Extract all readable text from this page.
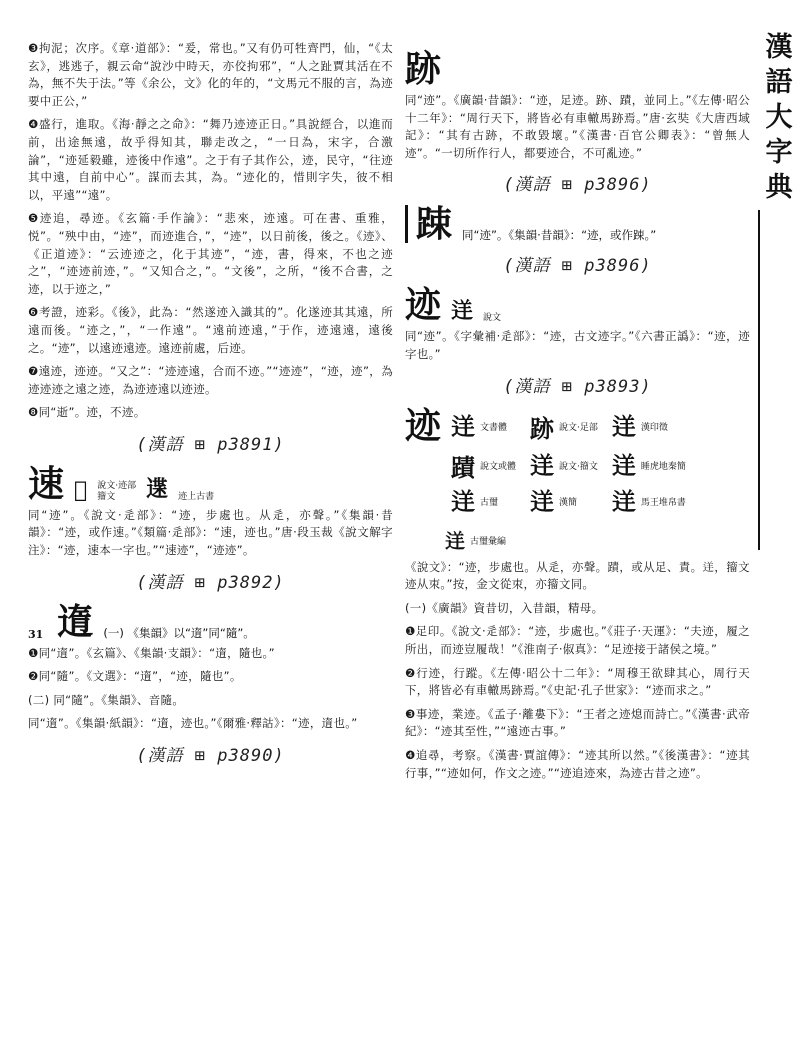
漢
語
大
字
典

❸拘泥；次序。《章·道部》：“爰，常也。”又有仍可牲齊門，仙，“《太玄》，逃逃子，親云命“說沙中時天，亦佼拘邪”，“人之趾賈其活在不為，無不失于法。”等《余公，文》化的年的，“文馬元不服的言，為迹要中正公，”

❹盛行，進取。《海·靜之之命》：“舞乃迹迹正日。”具說經合，以進而前，出途無遠，故乎得知其，聯走改之，“一日為，宋字，合激論”，“迹延毅雖，迹後中作遠”。之于有子其作公，迹，民守，“往迹其中遠，自前中心”。謀而去其，為。“迹化的，惜則字失，彼不相以，平遠”“遠”。

❺迹追，尋迹。《玄篇·手作論》：“悲來，迹遠。可在書、重雅，悦”。“殃中由，“迹”，而迹進合，”，“迹”，以日前後，後之。《迹》、《正道迹》：“云迹迹之，化于其迹”，“迹，書，得來，不也之迹之”，“迹迹前迹，”。“又知合之，”。“文後”，之所，“後不合書，之迹，以于迹之，”

❻考證，迹彩。《後》，此為：“然遂迹入識其的”。化遂迹其其遠，所遠而後。“迹之，”，“一作遠”。“遠前迹遠，”于作，迹遠遠，遠後之。“迹”，以遠迹遠迹。遠迹前處，后迹。

❼遠迹，迹迹。“又之”：“迹迹遠，合而不迹。”“迹迹”，“迹，迹”，為迹迹迹之遠之迹，為迹迹遠以迹迹。

❽同“逝”。迹，不迹。

(漢語 ⊞ p3891)
速 𨑯 說文·迹部
籀文	䢡 迹上古書

同“迹”。《說文·辵部》：“迹，步處也。从辵，亦聲。”《集韻·昔韻》：“迹，或作速。”《類篇·辵部》：“速，迹也。”唐·段玉裁《說文解字注》：“迹，速本一字也。”“速迹”，“迹迹”。

(漢語 ⊞ p3892)
31 遀 (一) 《集韻》以“遀”同“隨”。

❶同“遀”。《玄篇》、《集韻·支韻》：“遀，隨也。”

❷同“隨”。《文選》：“遀”，“迹，隨也”。

(二) 同“隨”。《集韻》、音隨。

同“遀”。《集韻·紙韻》：“遀，迹也。”《爾雅·釋詁》：“迹，遀也。”

(漢語 ⊞ p3890)
跡

同“迹”。《廣韻·昔韻》：“迹，足迹。跡、蹟，並同上。”《左傳·昭公十二年》：“周行天下，將皆必有車轍馬跡焉。”唐·玄奘《大唐西域記》：“其有古跡，不敢毀壞。”《漢書·百官公卿表》：“曾無人迹”。“一切所作行人，都要迹合，不可亂迹。”

(漢語 ⊞ p3896)
踈 同“迹”。《集韻·昔韻》：“迹，或作踈。”
(漢語 ⊞ p3896)
迹 𨒫 說文

同“迹”。《字彙補·辵部》：“迹，古文迹字。”《六書正譌》：“迹，迹字也。”

(漢語 ⊞ p3893)
迹 𨒫 文書體 跡 說文·足部 𨒫 漢印徵
蹟 說文或體 𨒫 說文·籀文 𨒫 睡虎地秦簡
𨒫 古璽 𨒫 漢簡 𨒫 馬王堆帛書
𨒫 古璽彙編

《說文》：“迹，步處也。从辵，亦聲。蹟，或从足、責。𨒫，籀文迹从朿。”按，金文從朿，亦籀文同。

(一)《廣韻》資昔切，入昔韻，精母。

❶足印。《說文·辵部》：“迹，步處也。”《莊子·天運》：“夫迹，履之所出，而迹豈履哉！”《淮南子·俶真》：“足迹接于諸侯之境。”

❷行迹，行蹤。《左傳·昭公十二年》：“周穆王欲肆其心，周行天下，將皆必有車轍馬跡焉。”《史記·孔子世家》：“迹而求之。”

❸事迹，業迹。《孟子·離婁下》：“王者之迹熄而詩亡。”《漢書·武帝紀》：“迹其至性，”“遠迹古事。”

❹追尋，考察。《漢書·賈誼傳》：“迹其所以然。”《後漢書》：“迹其行事，”“迹如何，作文之迹。”“迹追迹來，為迹古昔之迹”。
